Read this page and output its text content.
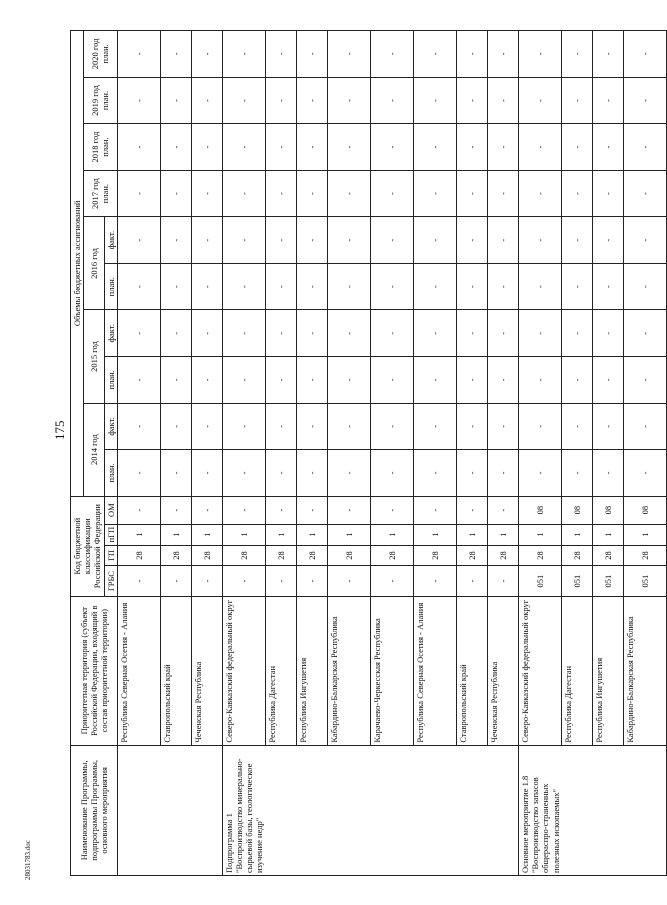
175
28031783.doc	Наименование Программы, подпрограммы Программы, основного мероприятия	Приоритетная территория (субъект Российской Федерации, входящий в состав приоритетной территории)	Код бюджетной классификации Российской Федерации				Объемы бюджетных ассигнований									
						2014 год		2015 год		2016 год		2017 год план.	2018 год план.	2019 год план.	2020 год план.
		ГРБС	ГП	пГП	ОМ	план.	факт.	план.	факт.	план.	факт.				
	Республика Северная Осетия - Алания	-	28	1	-	-	-	-	-	-	-	-	-	-	-
	Ставропольский край	-	28	1	-	-	-	-	-	-	-	-	-	-	-
	Чеченская Республика	-	28	1	-	-	-	-	-	-	-	-	-	-	-
Подпрограмма 1 "Воспроизводство минерально-сырьевой базы, геологическое изучение недр"	Северо-Кавказский федеральный округ	-	28	1	-	-	-	-	-	-	-	-	-	-	-
	Республика Дагестан	-	28	1	-	-	-	-	-	-	-	-	-	-	-
	Республика Ингушетия	-	28	1	-	-	-	-	-	-	-	-	-	-	-
	Кабардино-Балкарская Республика	-	28	1	-	-	-	-	-	-	-	-	-	-	-
	Карачаево-Черкесская Республика	-	28	1	-	-	-	-	-	-	-	-	-	-	-
	Республика Северная Осетия - Алания	-	28	1	-	-	-	-	-	-	-	-	-	-	-
	Ставропольский край	-	28	1	-	-	-	-	-	-	-	-	-	-	-
	Чеченская Республика	-	28	1	-	-	-	-	-	-	-	-	-	-	-
Основное мероприятие 1.8 "Воспроизводство запасов общераспро-страненных полезных ископаемых"	Северо-Кавказский федеральный округ	051	28	1	08	-	-	-	-	-	-	-	-	-	-
	Республика Дагестан	051	28	1	08	-	-	-	-	-	-	-	-	-	-
	Республика Ингушетия	051	28	1	08	-	-	-	-	-	-	-	-	-	-
	Кабардино-Балкарская Республика	051	28	1	08	-	-	-	-	-	-	-	-	-	-
